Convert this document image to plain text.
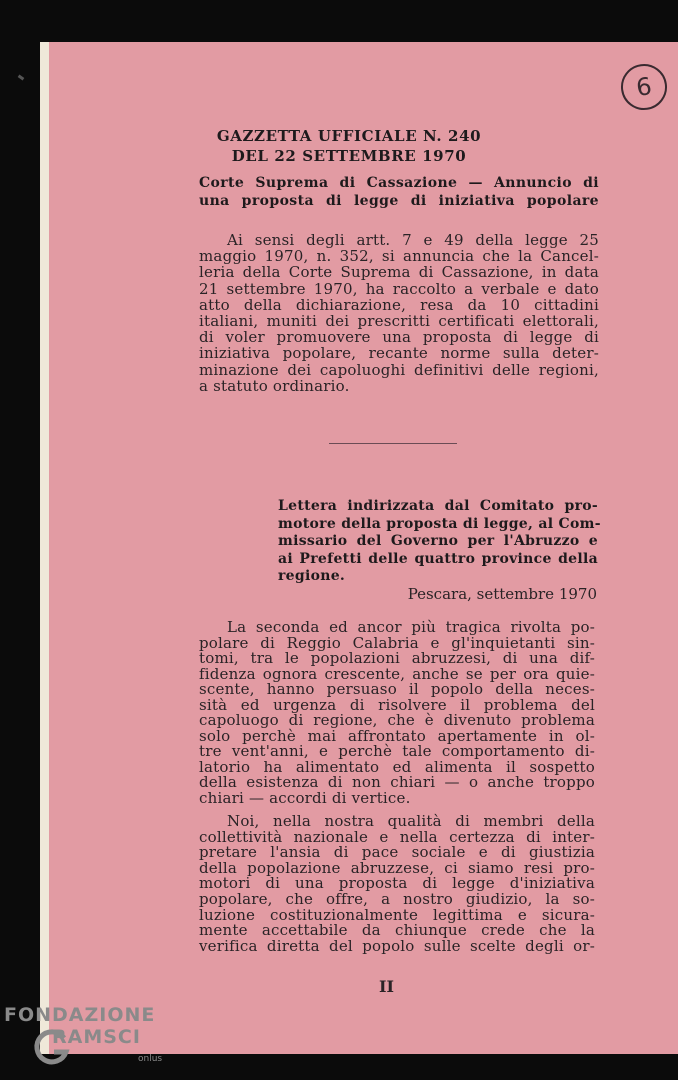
6
GAZZETTA UFFICIALE N. 240
DEL 22 SETTEMBRE 1970
Corte Suprema di Cassazione — Annuncio di
una proposta di legge di iniziativa popolare
Ai sensi degli artt. 7 e 49 della legge 25
maggio 1970, n. 352, si annuncia che la Cancel-
leria della Corte Suprema di Cassazione, in data
21 settembre 1970, ha raccolto a verbale e dato
atto della dichiarazione, resa da 10 cittadini
italiani, muniti dei prescritti certificati elettorali,
di voler promuovere una proposta di legge di
iniziativa popolare, recante norme sulla deter-
minazione dei capoluoghi definitivi delle regioni,
a statuto ordinario.
Lettera indirizzata dal Comitato pro-
motore della proposta di legge, al Com-
missario del Governo per l'Abruzzo e
ai Prefetti delle quattro province della
regione.
Pescara, settembre 1970
La seconda ed ancor più tragica rivolta po-
polare di Reggio Calabria e gl'inquietanti sin-
tomi, tra le popolazioni abruzzesi, di una dif-
fidenza ognora crescente, anche se per ora quie-
scente, hanno persuaso il popolo della neces-
sità ed urgenza di risolvere il problema del
capoluogo di regione, che è divenuto problema
solo perchè mai affrontato apertamente in ol-
tre vent'anni, e perchè tale comportamento di-
latorio ha alimentato ed alimenta il sospetto
della esistenza di non chiari — o anche troppo
chiari — accordi di vertice.
Noi, nella nostra qualità di membri della
collettività nazionale e nella certezza di inter-
pretare l'ansia di pace sociale e di giustizia
della popolazione abruzzese, ci siamo resi pro-
motori di una proposta di legge d'iniziativa
popolare, che offre, a nostro giudizio, la so-
luzione costituzionalmente legittima e sicura-
mente accettabile da chiunque crede che la
verifica diretta del popolo sulle scelte degli or-
II
FONDAZIONE
RAMSCI
onlus
